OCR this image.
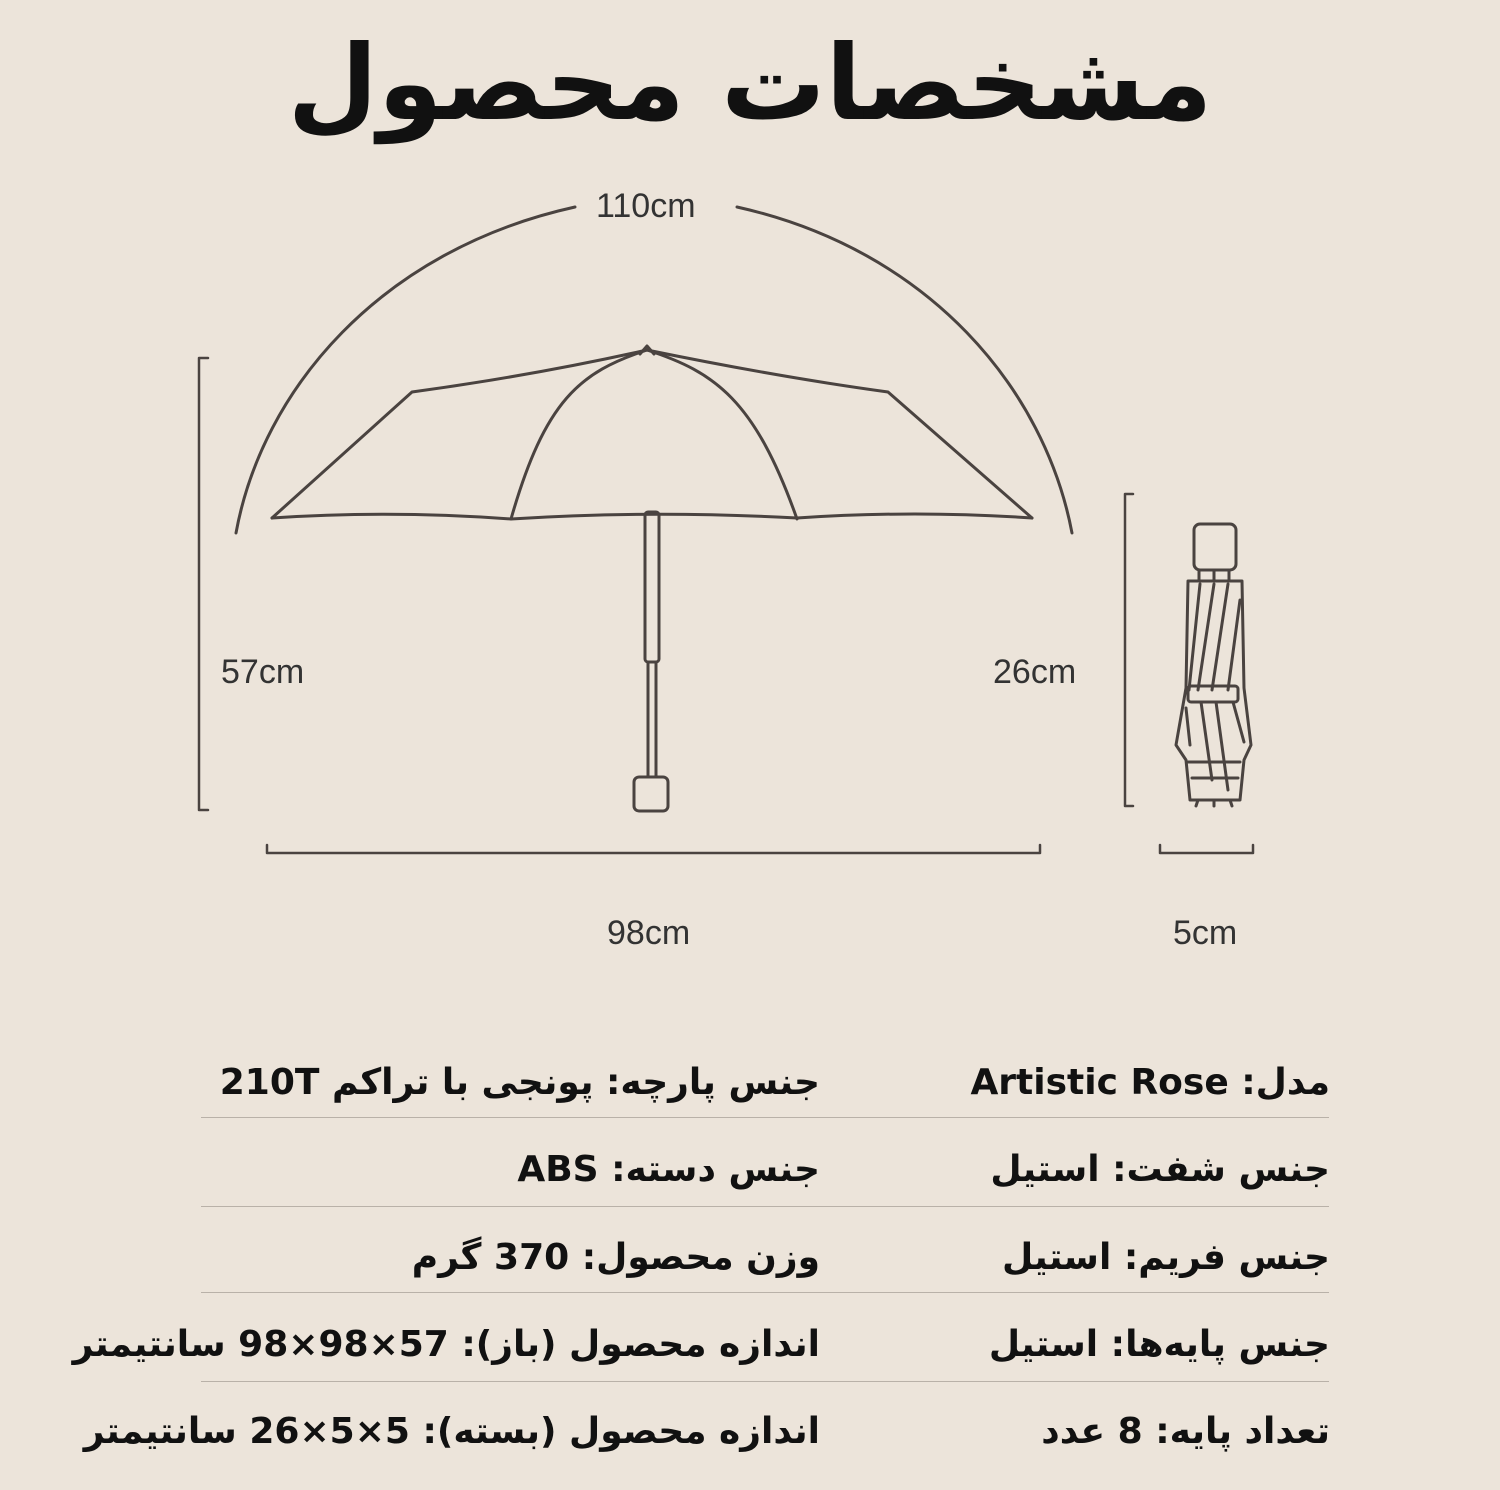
مشخصات محصول
110cm
57cm	26cm
98cm	5cm
مدل: Artistic Rose
جنس شفت: استیل
جنس فریم: استیل
جنس پایه‌ها: استیل
تعداد پایه: 8 عدد
جنس پارچه: پونجی با تراکم 210T
جنس دسته: ABS
وزن محصول: 370 گرم
اندازه محصول (باز): 57×98×98 سانتیمتر
اندازه محصول (بسته): 5×5×26 سانتیمتر
